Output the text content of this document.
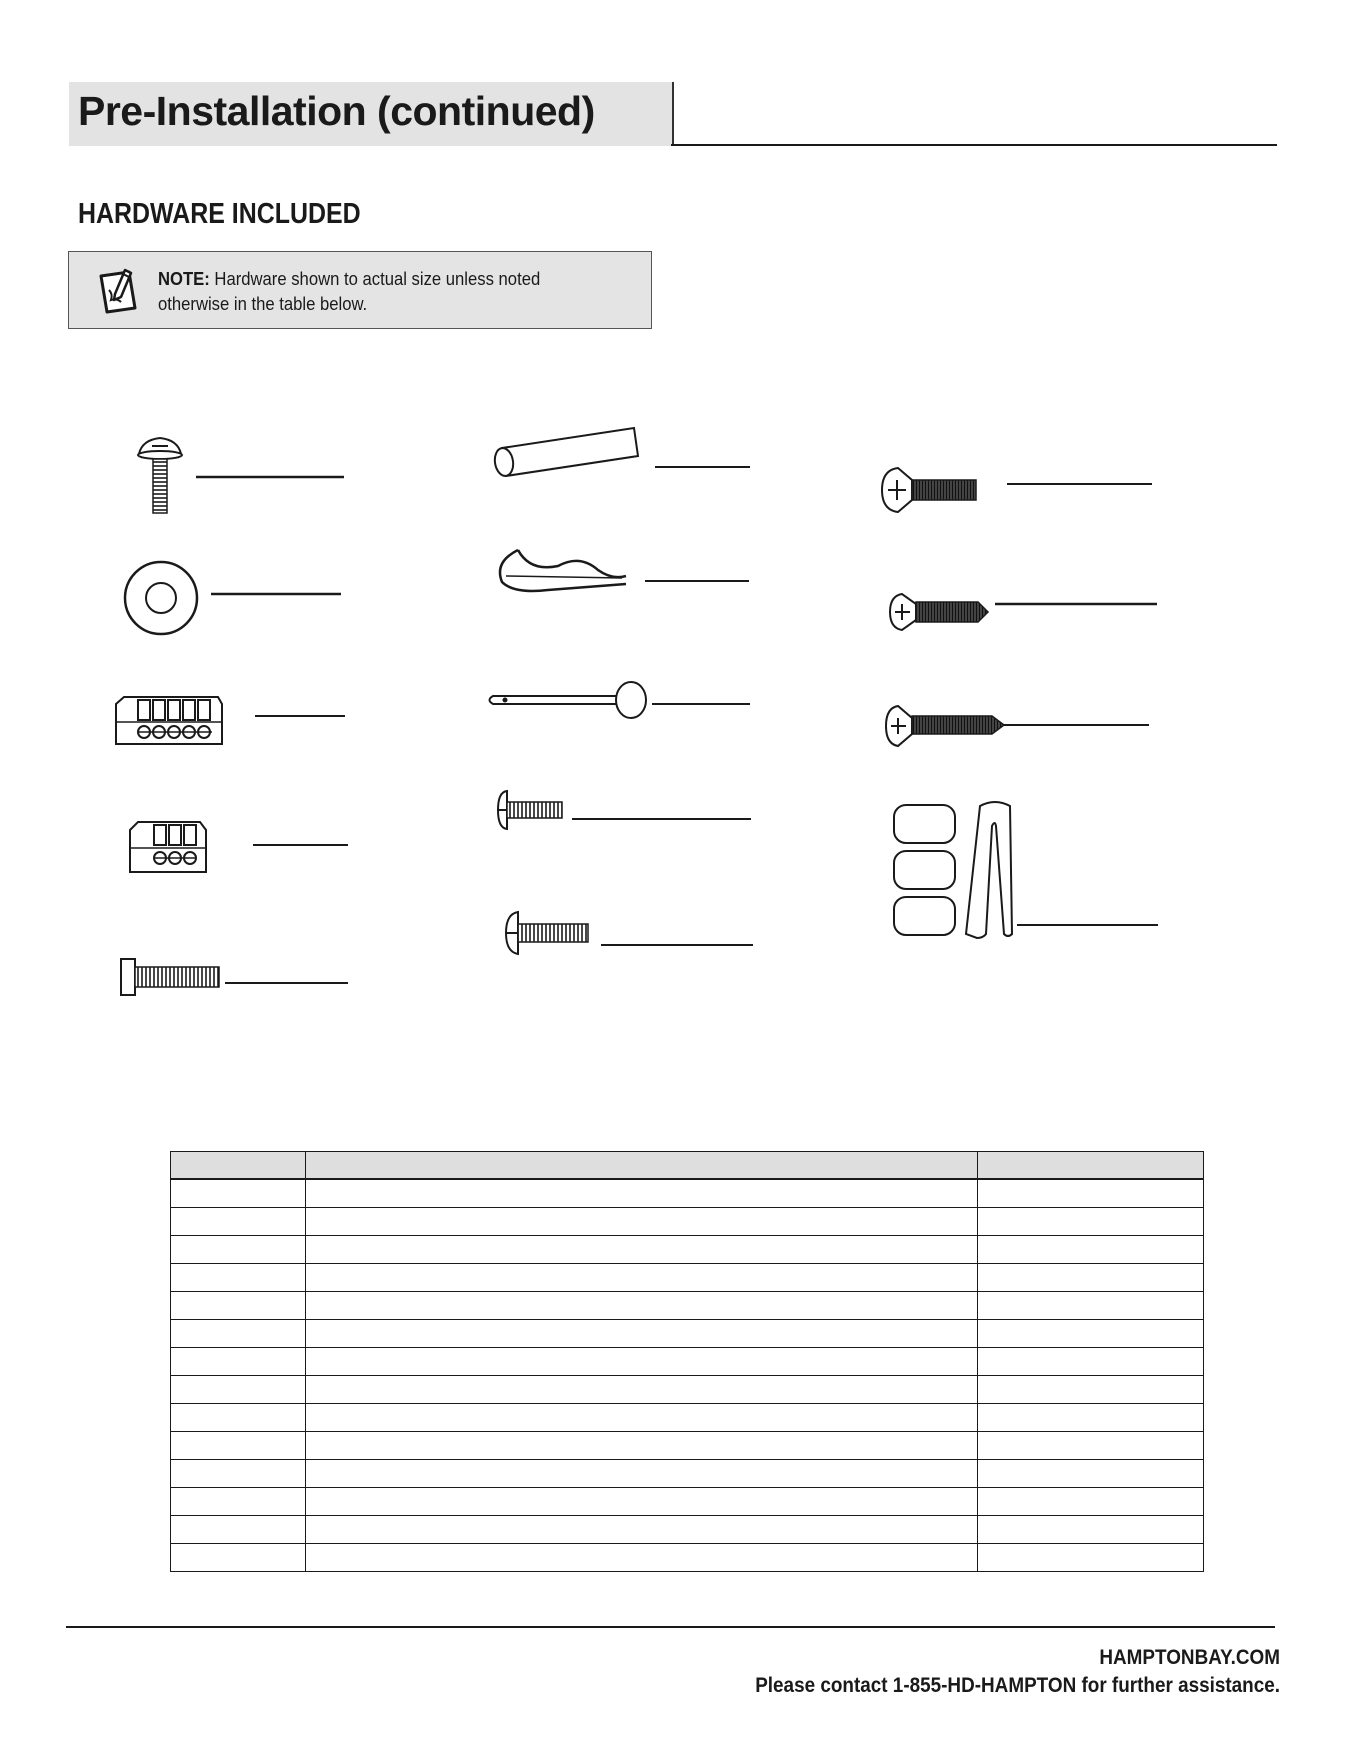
Pre-Installation (continued)
HARDWARE INCLUDED
NOTE: Hardware shown to actual size unless noted otherwise in the table below.

HAMPTONBAY.COM
Please contact 1-855-HD-HAMPTON for further assistance.
